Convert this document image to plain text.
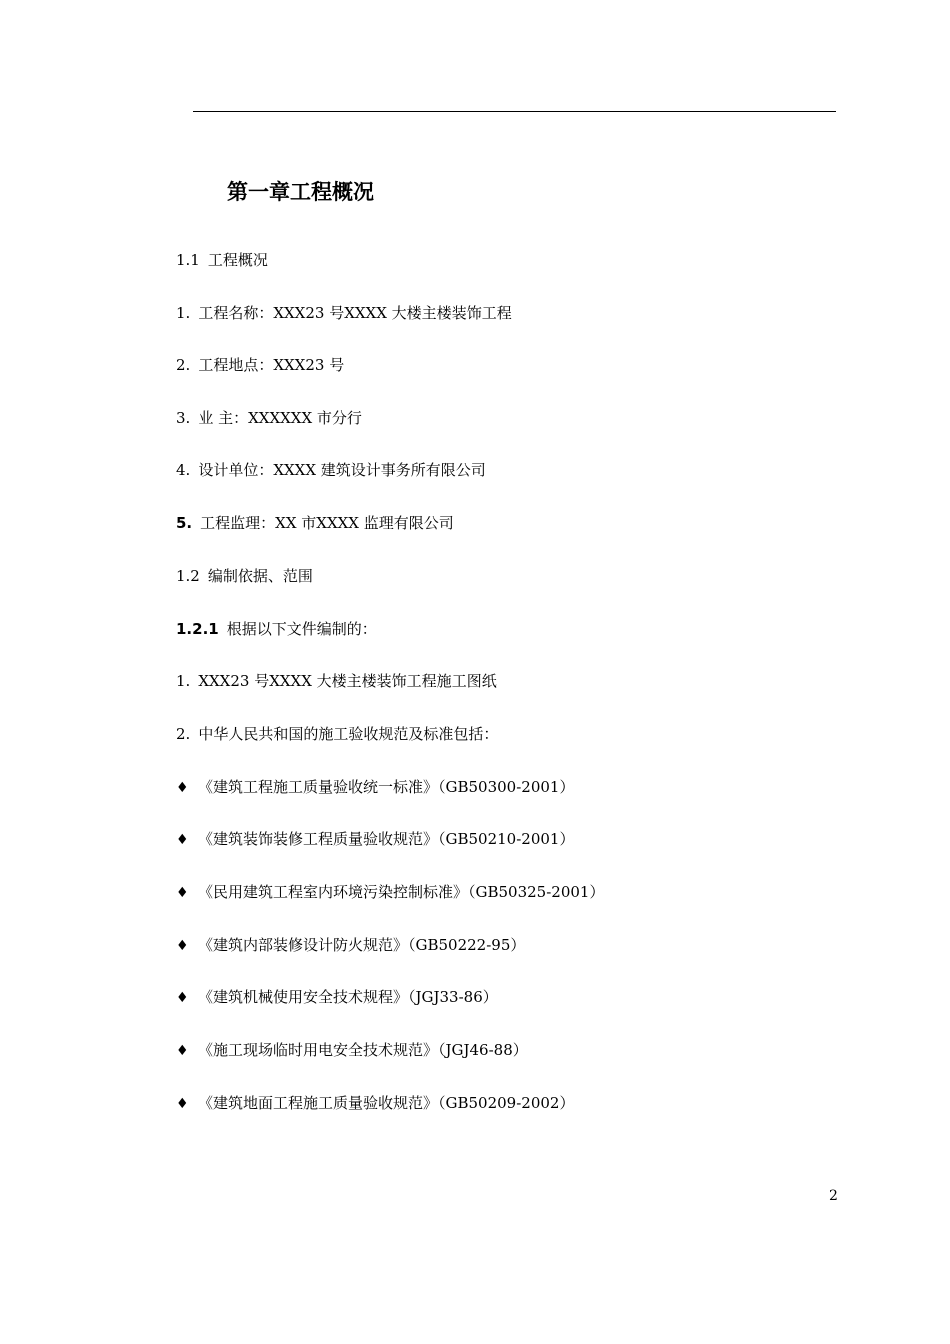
第一章工程概况
1.1 工程概况
1. 工程名称：XXX23 号XXXX 大楼主楼装饰工程
2. 工程地点：XXX23 号
3. 业 主：XXXXXX 市分行
4. 设计单位：XXXX 建筑设计事务所有限公司
5. 工程监理：XX 市XXXX 监理有限公司
1.2 编制依据、范围
1.2.1 根据以下文件编制的：
1. XXX23 号XXXX 大楼主楼装饰工程施工图纸
2. 中华人民共和国的施工验收规范及标准包括：
♦ 《建筑工程施工质量验收统一标准》（GB50300-2001）
♦ 《建筑装饰装修工程质量验收规范》（GB50210-2001）
♦ 《民用建筑工程室内环境污染控制标准》（GB50325-2001）
♦ 《建筑内部装修设计防火规范》（GB50222-95）
♦ 《建筑机械使用安全技术规程》（JGJ33-86）
♦ 《施工现场临时用电安全技术规范》（JGJ46-88）
♦ 《建筑地面工程施工质量验收规范》（GB50209-2002）
2
